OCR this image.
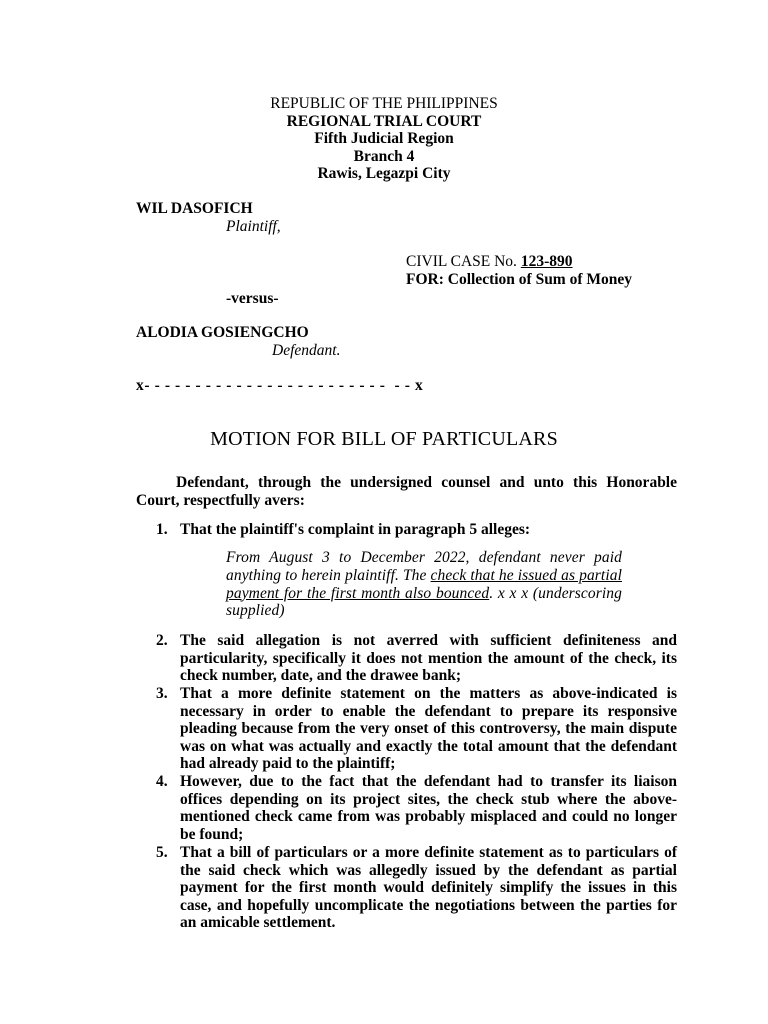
REPUBLIC OF THE PHILIPPINES
REGIONAL TRIAL COURT
Fifth Judicial Region
Branch 4
Rawis, Legazpi City
WIL DASOFICH
Plaintiff,
CIVIL CASE No. 123-890
FOR: Collection of Sum of Money
-versus-
ALODIA GOSIENGCHO
Defendant.
x- - - - - - - - - - - - - - - - - - - - - - - -  - - x
MOTION FOR BILL OF PARTICULARS
Defendant, through the undersigned counsel and unto this Honorable Court, respectfully avers:
1. That the plaintiff's complaint in paragraph 5 alleges:
From August 3 to December 2022, defendant never paid anything to herein plaintiff. The check that he issued as partial payment for the first month also bounced. x x x (underscoring supplied)
2. The said allegation is not averred with sufficient definiteness and particularity, specifically it does not mention the amount of the check, its check number, date, and the drawee bank;
3. That a more definite statement on the matters as above-indicated is necessary in order to enable the defendant to prepare its responsive pleading because from the very onset of this controversy, the main dispute was on what was actually and exactly the total amount that the defendant had already paid to the plaintiff;
4. However, due to the fact that the defendant had to transfer its liaison offices depending on its project sites, the check stub where the above-mentioned check came from was probably misplaced and could no longer be found;
5. That a bill of particulars or a more definite statement as to particulars of the said check which was allegedly issued by the defendant as partial payment for the first month would definitely simplify the issues in this case, and hopefully uncomplicate the negotiations between the parties for an amicable settlement.
